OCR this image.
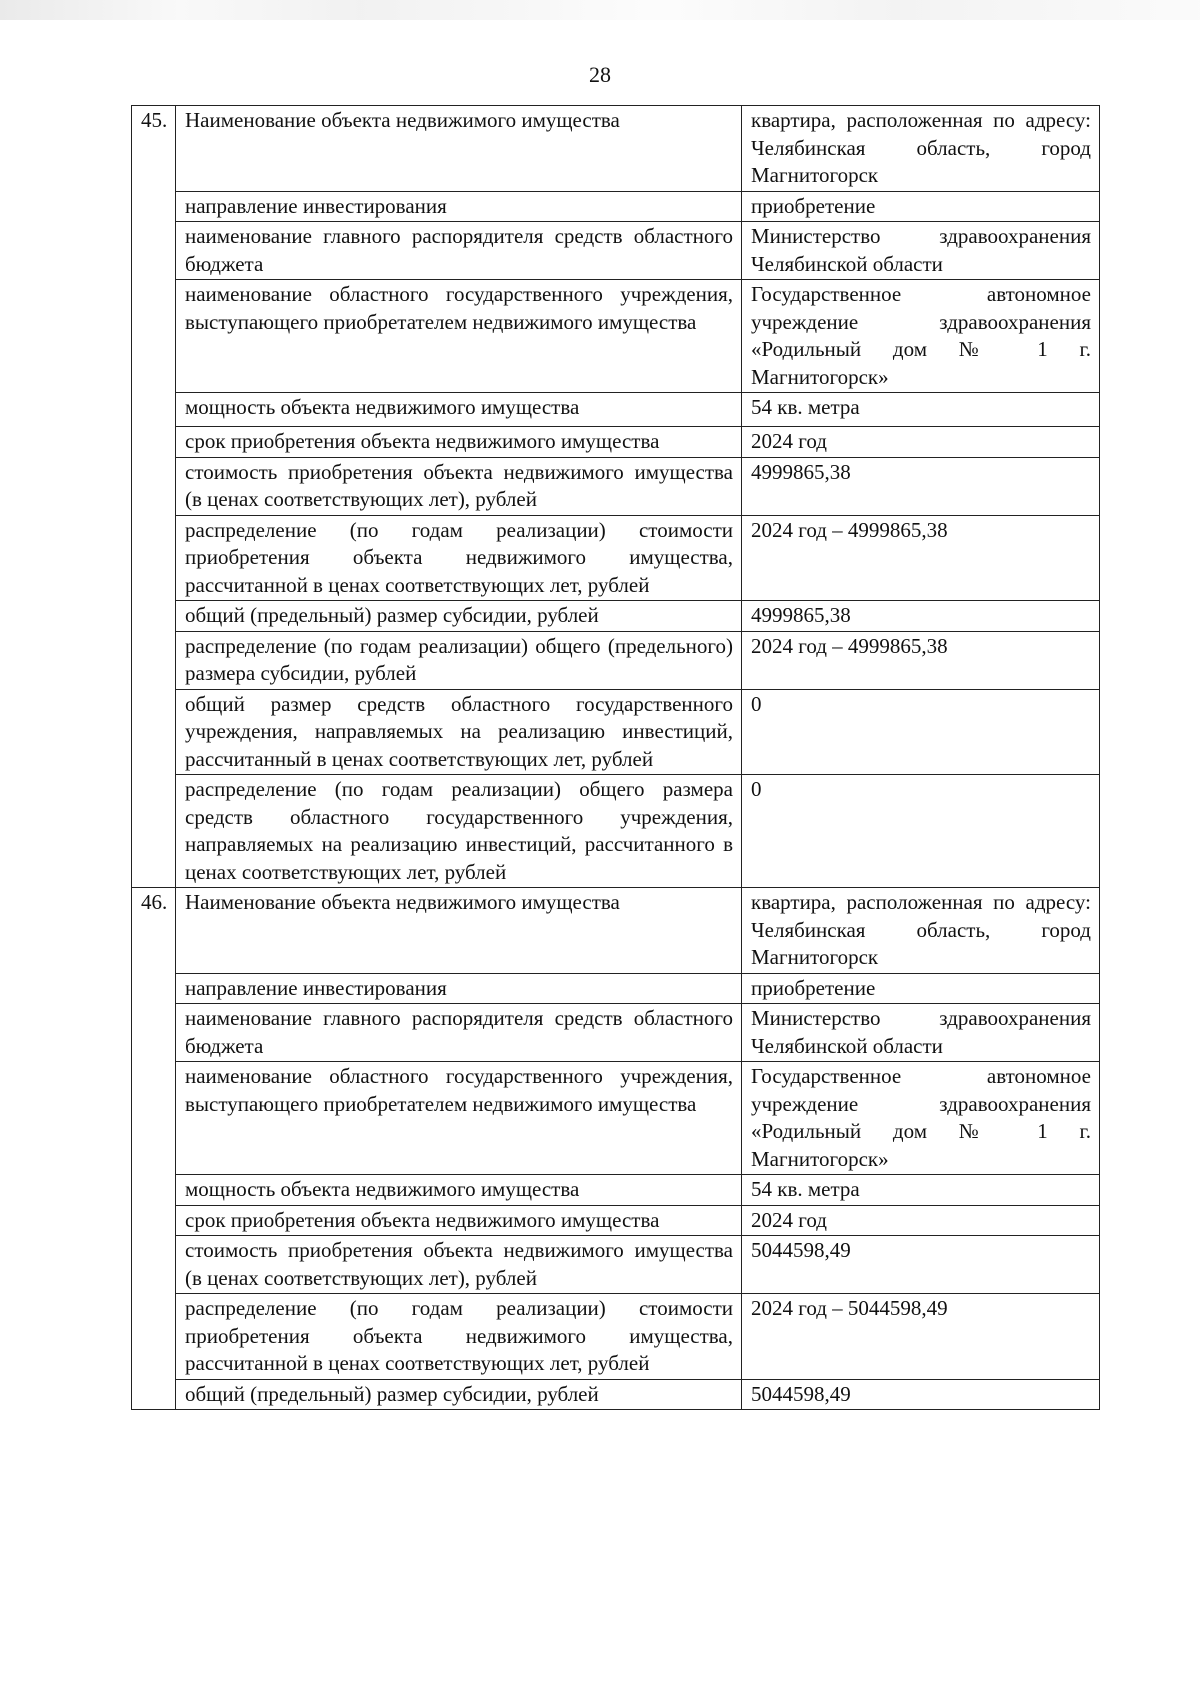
28
45.	Наименование объекта недвижимого имущества	квартира, расположенная по адресу: Челябинская область, город Магнитогорск
	направление инвестирования	приобретение
	наименование главного распорядителя средств областного бюджета	Министерство здравоохранения Челябинской области
	наименование областного государственного учреждения, выступающего приобретателем недвижимого имущества	Государственное автономное учреждение здравоохранения «Родильный дом № 1 г. Магнитогорск»
	мощность объекта недвижимого имущества	54 кв. метра
	срок приобретения объекта недвижимого имущества	2024 год
	стоимость приобретения объекта недвижимого имущества (в ценах соответствующих лет), рублей	4999865,38
	распределение (по годам реализации) стоимости приобретения объекта недвижимого имущества, рассчитанной в ценах соответствующих лет, рублей	2024 год – 4999865,38
	общий (предельный) размер субсидии, рублей	4999865,38
	распределение (по годам реализации) общего (предельного) размера субсидии, рублей	2024 год – 4999865,38
	общий размер средств областного государственного учреждения, направляемых на реализацию инвестиций, рассчитанный в ценах соответствующих лет, рублей	0
	распределение (по годам реализации) общего размера средств областного государственного учреждения, направляемых на реализацию инвестиций, рассчитанного в ценах соответствующих лет, рублей	0
46.	Наименование объекта недвижимого имущества	квартира, расположенная по адресу: Челябинская область, город Магнитогорск
	направление инвестирования	приобретение
	наименование главного распорядителя средств областного бюджета	Министерство здравоохранения Челябинской области
	наименование областного государственного учреждения, выступающего приобретателем недвижимого имущества	Государственное автономное учреждение здравоохранения «Родильный дом № 1 г. Магнитогорск»
	мощность объекта недвижимого имущества	54 кв. метра
	срок приобретения объекта недвижимого имущества	2024 год
	стоимость приобретения объекта недвижимого имущества (в ценах соответствующих лет), рублей	5044598,49
	распределение (по годам реализации) стоимости приобретения объекта недвижимого имущества, рассчитанной в ценах соответствующих лет, рублей	2024 год – 5044598,49
	общий (предельный) размер субсидии, рублей	5044598,49
